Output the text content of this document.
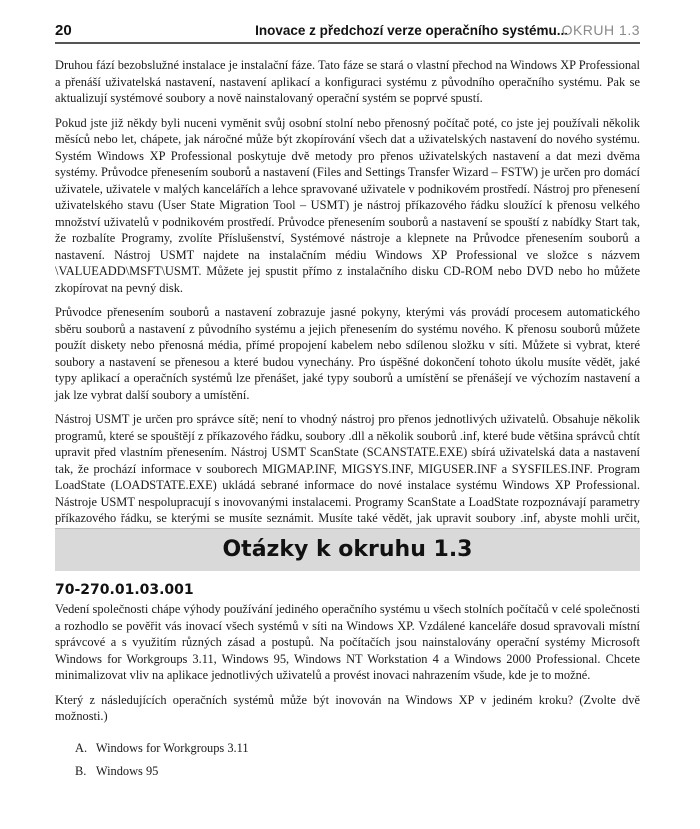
20	Inovace z předchozí verze operačního systému...
OKRUH 1.3

Druhou fází bezobslužné instalace je instalační fáze. Tato fáze se stará o vlastní přechod na Windows XP Professional a přenáší uživatelská nastavení, nastavení aplikací a konfiguraci systému z původního operačního systému. Pak se aktualizují systémové soubory a nově nainstalovaný operační systém se poprvé spustí.

Pokud jste již někdy byli nuceni vyměnit svůj osobní stolní nebo přenosný počítač poté, co jste jej používali několik měsíců nebo let, chápete, jak náročné může být zkopírování všech dat a uživatelských nastavení do nového systému. Systém Windows XP Professional poskytuje dvě metody pro přenos uživatelských nastavení a dat mezi dvěma systémy. Průvodce přenesením souborů a nastavení (Files and Settings Transfer Wizard – FSTW) je určen pro domácí uživatele, uživatele v malých kancelářích a lehce spravované uživatele v podnikovém prostředí. Nástroj pro přenesení uživatelského stavu (User State Migration Tool – USMT) je nástroj příkazového řádku sloužící k přenosu velkého množství uživatelů v podnikovém prostředí. Průvodce přenesením souborů a nastavení se spouští z nabídky Start tak, že rozbalíte Programy, zvolíte Příslušenství, Systémové nástroje a klepnete na Průvodce přenesením souborů a nastavení. Nástroj USMT najdete na instalačním médiu Windows XP Professional ve složce s názvem \VALUEADD\MSFT\USMT. Můžete jej spustit přímo z instalačního disku CD-ROM nebo DVD nebo ho můžete zkopírovat na pevný disk.

Průvodce přenesením souborů a nastavení zobrazuje jasné pokyny, kterými vás provádí procesem automatického sběru souborů a nastavení z původního systému a jejich přenesením do systému nového. K přenosu souborů můžete použít diskety nebo přenosná média, přímé propojení kabelem nebo sdílenou složku v síti. Můžete si vybrat, které soubory a nastavení se přenesou a které budou vynechány. Pro úspěšné dokončení tohoto úkolu musíte vědět, jaké typy aplikací a operačních systémů lze přenášet, jaké typy souborů a umístění se přenášejí ve výchozím nastavení a jak lze vybrat další soubory a umístění.

Nástroj USMT je určen pro správce sítě; není to vhodný nástroj pro přenos jednotlivých uživatelů. Obsahuje několik programů, které se spouštějí z příkazového řádku, soubory .dll a několik souborů .inf, které bude většina správců chtít upravit před vlastním přenesením. Nástroj USMT ScanState (SCANSTATE.EXE) sbírá uživatelská data a nastavení tak, že prochází informace v souborech MIGMAP.INF, MIGSYS.INF, MIGUSER.INF a SYSFILES.INF. Program LoadState (LOADSTATE.EXE) ukládá sebrané informace do nové instalace systému Windows XP Professional. Nástroje USMT nespolupracují s inovovanými instalacemi. Programy ScanState a LoadState rozpoznávají parametry příkazového řádku, se kterými se musíte seznámit. Musíte také vědět, jak upravit soubory .inf, abyste mohli určit,

Otázky k okruhu 1.3
70-270.01.03.001

Vedení společnosti chápe výhody používání jediného operačního systému u všech stolních počítačů v celé společnosti a rozhodlo se pověřit vás inovací všech systémů v síti na Windows XP. Vzdálené kanceláře dosud spravovali místní správcové a s využitím různých zásad a postupů. Na počítačích jsou nainstalovány operační systémy Microsoft Windows for Workgroups 3.11, Windows 95, Windows NT Workstation 4 a Windows 2000 Professional. Chcete minimalizovat vliv na aplikace jednotlivých uživatelů a provést inovaci nahrazením všude, kde je to možné.

Který z následujících operačních systémů může být inovován na Windows XP v jediném kroku? (Zvolte dvě možnosti.)

A. Windows for Workgroups 3.11
B. Windows 95
